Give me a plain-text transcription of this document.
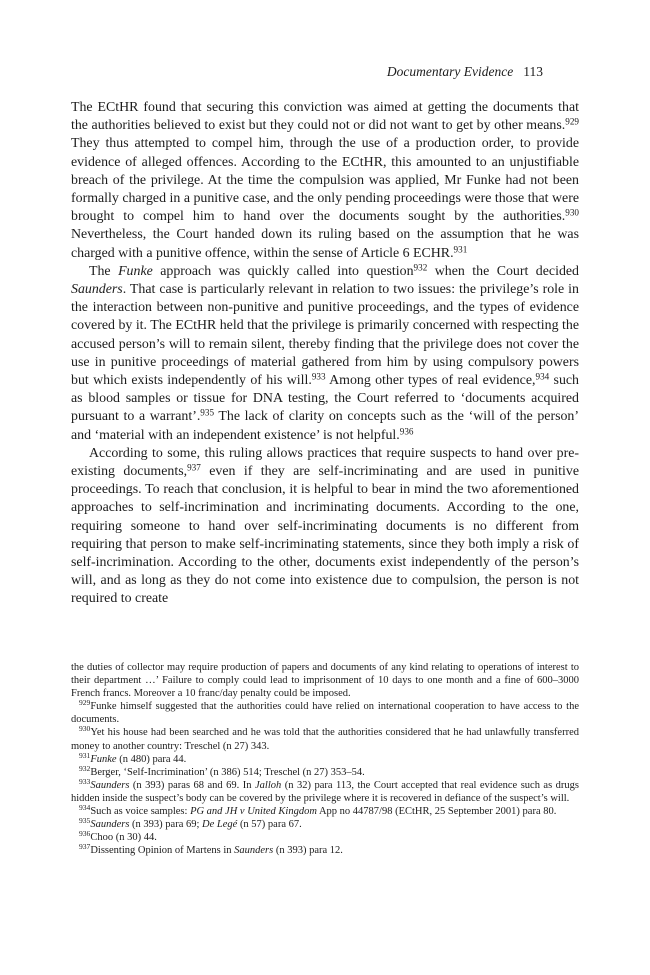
Documentary Evidence 113

The ECtHR found that securing this conviction was aimed at getting the documents that the authorities believed to exist but they could not or did not want to get by other means.$^{929}$ They thus attempted to compel him, through the use of a production order, to provide evidence of alleged offences. According to the ECtHR, this amounted to an unjustifiable breach of the privilege. At the time the compulsion was applied, Mr Funke had not been formally charged in a punitive case, and the only pending proceedings were those that were brought to compel him to hand over the documents sought by the authorities.$^{930}$ Nevertheless, the Court handed down its ruling based on the assumption that he was charged with a punitive offence, within the sense of Article 6 ECHR.$^{931}$

The Funke approach was quickly called into question$^{932}$ when the Court decided Saunders. That case is particularly relevant in relation to two issues: the privilege’s role in the interaction between non-punitive and punitive proceedings, and the types of evidence covered by it. The ECtHR held that the privilege is primarily concerned with respecting the accused person’s will to remain silent, thereby finding that the privilege does not cover the use in punitive proceedings of material gathered from him by using compulsory powers but which exists independently of his will.$^{933}$ Among other types of real evidence,$^{934}$ such as blood samples or tissue for DNA testing, the Court referred to ‘documents acquired pursuant to a warrant’.$^{935}$ The lack of clarity on concepts such as the ‘will of the person’ and ‘material with an independent existence’ is not helpful.$^{936}$

According to some, this ruling allows practices that require suspects to hand over pre-existing documents,$^{937}$ even if they are self-incriminating and are used in punitive proceedings. To reach that conclusion, it is helpful to bear in mind the two aforementioned approaches to self-incrimination and incriminating documents. According to the one, requiring someone to hand over self-incriminating documents is no different from requiring that person to make self-incriminating statements, since they both imply a risk of self-incrimination. According to the other, documents exist independently of the person’s will, and as long as they do not come into existence due to compulsion, the person is not required to create

the duties of collector may require production of papers and documents of any kind relating to operations of interest to their department …’ Failure to comply could lead to imprisonment of 10 days to one month and a fine of 600–3000 French francs. Moreover a 10 franc/day penalty could be imposed.

$^{929}$Funke himself suggested that the authorities could have relied on international cooperation to have access to the documents.

$^{930}$Yet his house had been searched and he was told that the authorities considered that he had unlawfully transferred money to another country: Treschel (n 27) 343.

$^{931}$Funke (n 480) para 44.

$^{932}$Berger, ‘Self-Incrimination’ (n 386) 514; Treschel (n 27) 353–54.

$^{933}$Saunders (n 393) paras 68 and 69. In Jalloh (n 32) para 113, the Court accepted that real evidence such as drugs hidden inside the suspect’s body can be covered by the privilege where it is recovered in defiance of the suspect’s will.

$^{934}$Such as voice samples: PG and JH v United Kingdom App no 44787/98 (ECtHR, 25 September 2001) para 80.

$^{935}$Saunders (n 393) para 69; De Legé (n 57) para 67.

$^{936}$Choo (n 30) 44.

$^{937}$Dissenting Opinion of Martens in Saunders (n 393) para 12.
